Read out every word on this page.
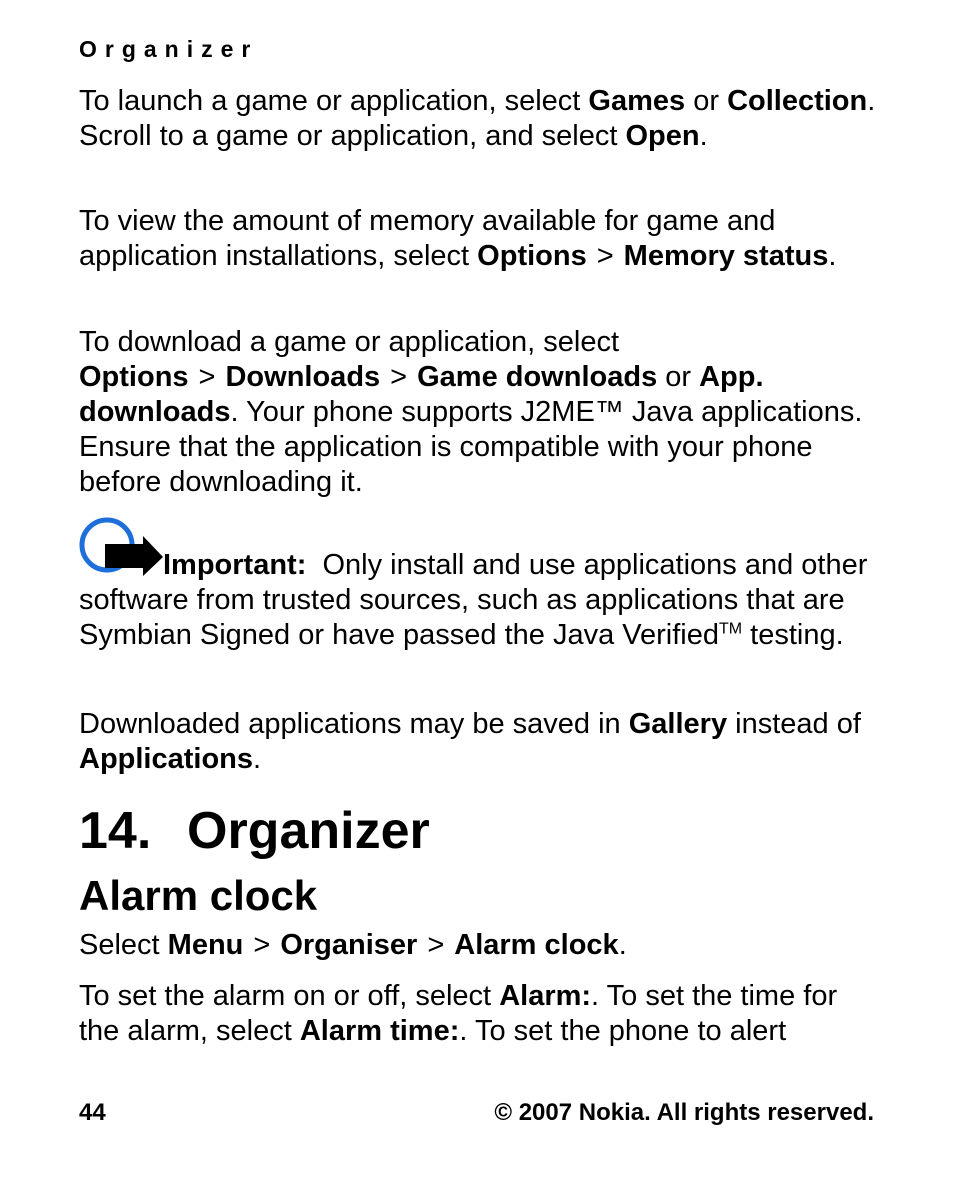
Organizer

To launch a game or application, select Games or Collection. Scroll to a game or application, and select Open.

To view the amount of memory available for game and application installations, select Options > Memory status.

To download a game or application, select Options > Downloads > Game downloads or App. downloads. Your phone supports J2ME™ Java applications. Ensure that the application is compatible with your phone before downloading it.

Important: Only install and use applications and other software from trusted sources, such as applications that are Symbian Signed or have passed the Java Verified™ testing.

Downloaded applications may be saved in Gallery instead of Applications.

14. Organizer
Alarm clock

Select Menu > Organiser > Alarm clock.

To set the alarm on or off, select Alarm:. To set the time for the alarm, select Alarm time:. To set the phone to alert

44	© 2007 Nokia. All rights reserved.
